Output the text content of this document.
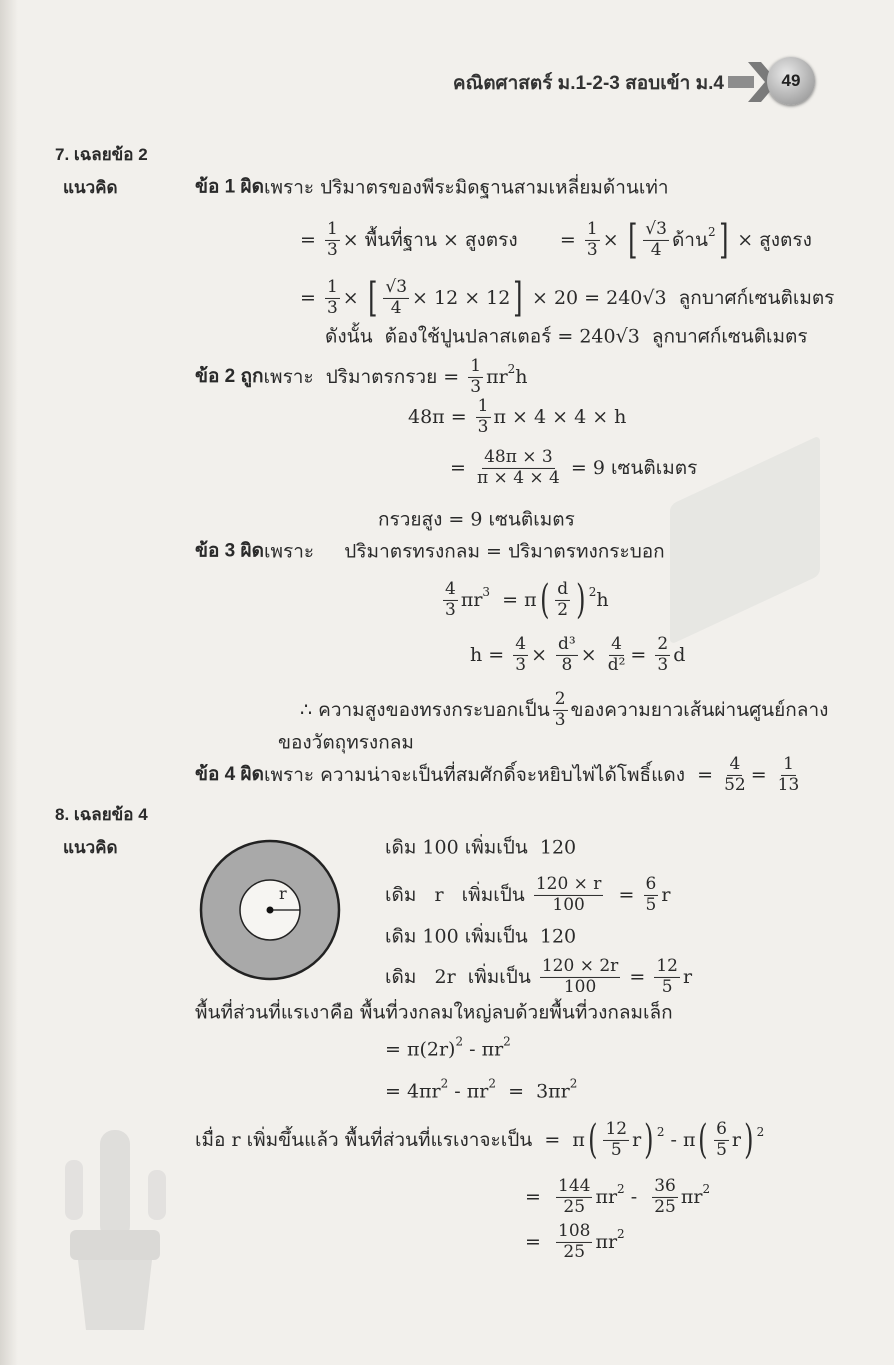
คณิตศาสตร์ ม.1-2-3 สอบเข้า ม.4	49
7. เฉลยข้อ 2
แนวคิด	ข้อ 1 ผิด เพราะ ปริมาตรของพีระมิดฐานสามเหลี่ยมด้านเท่า
= $\frac{1}{3}$ × พื้นที่ฐาน × สูงตรง       = $\frac{1}{3}$ × [ $\frac{√3}{4}$ ด้าน$^2$ ] × สูงตรง
= $\frac{1}{3}$ × [ $\frac{√3}{4} \times 12 \times 12$ ] × 20 = 240√3  ลูกบาศก์เซนติเมตร
ดังนั้น  ต้องใช้ปูนปลาสเตอร์ = 240√3  ลูกบาศก์เซนติเมตร
ข้อ 2 ถูก เพราะ  ปริมาตรกรวย = $\frac{1}{3} \pi r^2$ h
$48\pi = \frac{1}{3}$ π × 4 × 4 × h
= $\frac{48\pi \times 3}{\pi \times 4 \times 4} = 9$ เซนติเมตร
กรวยสูง = 9 เซนติเมตร
ข้อ 3 ผิด เพราะ     ปริมาตรทรงกลม = ปริมาตรทงกระบอก
$\frac{4}{3} \pi r^3 = \pi$ ( $\frac{d}{2}$ ) $^2$ h
$h = \frac{4}{3} \times \frac{\text{d³}}{8} \times \frac{4}{\text{d²}} = \frac{2}{3}$ d
∴ ความสูงของทรงกระบอกเป็น $\frac{2}{3}$ ของความยาวเส้นผ่านศูนย์กลาง
ของวัตถุทรงกลม
ข้อ 4 ผิด เพราะ ความน่าจะเป็นที่สมศักดิ์จะหยิบไพ่ได้โพธิ์แดง  = $\frac{4}{52} = \frac{1}{13}$
8. เฉลยข้อ 4
แนวคิด
r
เดิม 100 เพิ่มเป็น  120
เดิม   r   เพิ่มเป็น $\frac{120 \times r}{100} = \frac{6}{5}$ r
เดิม 100 เพิ่มเป็น  120
เดิม   2r  เพิ่มเป็น $\frac{120 \times 2r}{100} = \frac{12}{5}$ r
พื้นที่ส่วนที่แรเงาคือ พื้นที่วงกลมใหญ่ลบด้วยพื้นที่วงกลมเล็ก
= $\pi(2r)^2 - \pi r^2$
= $4\pi r^2 - \pi r^2 = 3\pi r^2$
เมื่อ r เพิ่มขึ้นแล้ว พื้นที่ส่วนที่แรเงาจะเป็น  =  π ( $\frac{12}{5}$ r ) $^2$ - π ( $\frac{6}{5}$ r ) $^2$
= $\frac{144}{25} \pi r^2 - \frac{36}{25} \pi r^2$
= $\frac{108}{25} \pi r^2$
